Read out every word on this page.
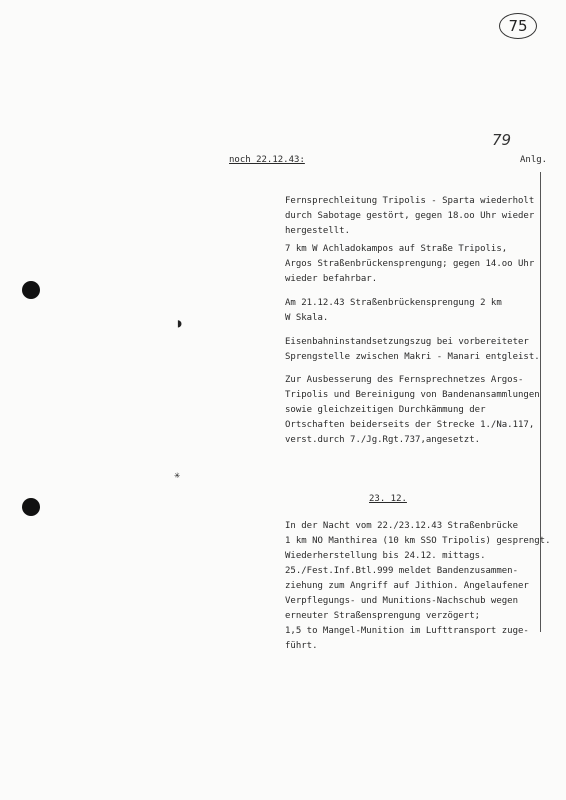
75
79
noch 22.12.43:	Anlg.
◗
✳
Fernsprechleitung Tripolis - Sparta wiederholt
durch Sabotage gestört, gegen 18.oo Uhr wieder
hergestellt.
7 km W Achladokampos auf Straße Tripolis,
Argos Straßenbrückensprengung; gegen 14.oo Uhr
wieder befahrbar.
Am 21.12.43 Straßenbrückensprengung 2 km
W Skala.
Eisenbahninstandsetzungszug bei vorbereiteter
Sprengstelle zwischen Makri - Manari entgleist.
Zur Ausbesserung des Fernsprechnetzes Argos-
Tripolis und Bereinigung von Bandenansammlungen
sowie gleichzeitigen Durchkämmung der
Ortschaften beiderseits der Strecke 1./Na.117,
verst.durch 7./Jg.Rgt.737,angesetzt.
23. 12.
In der Nacht vom 22./23.12.43 Straßenbrücke
1 km NO Manthirea (10 km SSO Tripolis) gesprengt.
Wiederherstellung bis 24.12. mittags.
25./Fest.Inf.Btl.999 meldet Bandenzusammen-
ziehung zum Angriff auf Jithion. Angelaufener
Verpflegungs- und Munitions-Nachschub wegen
erneuter Straßensprengung verzögert;
1,5 to Mangel-Munition im Lufttransport zuge-
führt.
